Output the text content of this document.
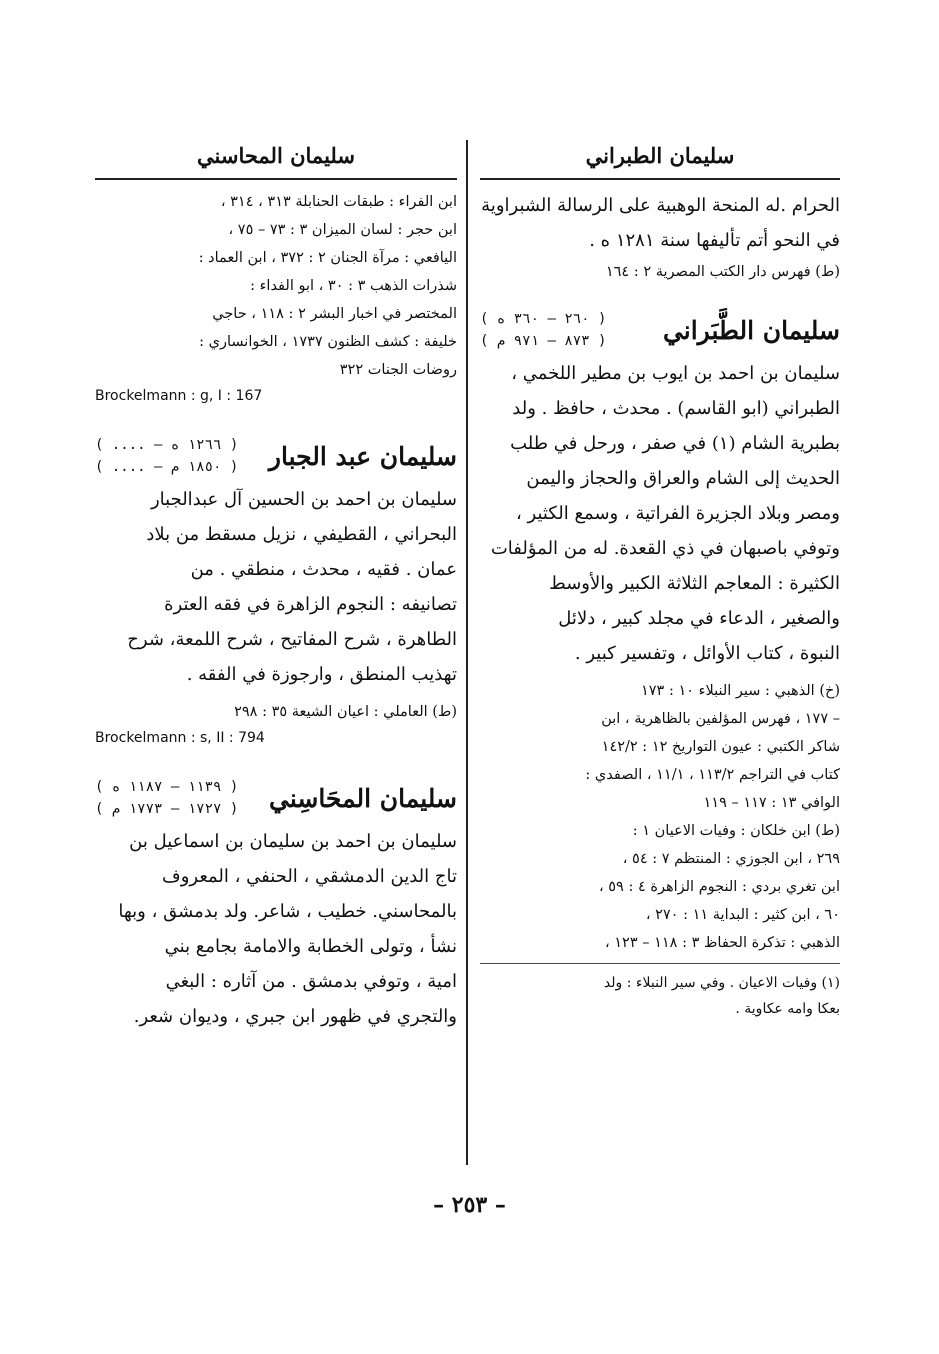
سليمان الطبراني

الحرام .له المنحة الوهبية على الرسالة الشبراوية

في النحو أتم تأليفها سنة ١٢٨١ ه .

(ط) فهرس دار الكتب المصرية ٢ : ١٦٤

سليمان الطَّبَراني
( ٢٦٠ – ٣٦٠ ه )
( ٨٧٣ – ٩٧١ م )

سليمان بن احمد بن ايوب بن مطير اللخمي ،

الطبراني (ابو القاسم) . محدث ، حافظ . ولد

بطبرية الشام (١) في صفر ، ورحل في طلب

الحديث إلى الشام والعراق والحجاز واليمن

ومصر وبلاد الجزيرة الفراتية ، وسمع الكثير ،

وتوفي باصبهان في ذي القعدة. له من المؤلفات

الكثيرة : المعاجم الثلاثة الكبير والأوسط

والصغير ، الدعاء في مجلد كبير ، دلائل

النبوة ، كتاب الأوائل ، وتفسير كبير .

(خ) الذهبي : سير النبلاء ١٠ : ١٧٣

– ١٧٧ ، فهرس المؤلفين بالظاهرية ، ابن

شاكر الكتبي : عيون التواريخ ١٢ : ١٤٢/٢

كتاب في التراجم ١١٣/٢ ، ١١/١ ، الصفدي :

الوافي ١٣ : ١١٧ – ١١٩

(ط) ابن خلكان : وفيات الاعيان ١ :

٢٦٩ ، ابن الجوزي : المنتظم ٧ : ٥٤ ،

ابن تغري بردي : النجوم الزاهرة ٤ : ٥٩ ،

٦٠ ، ابن كثير : البداية ١١ : ٢٧٠ ،

الذهبي : تذكرة الحفاظ ٣ : ١١٨ – ١٢٣ ،

(١) وفيات الاعيان . وفي سير النبلاء : ولد

بعكا وامه عكاوية .

سليمان المحاسني

ابن الفراء : طبقات الحنابلة ٣١٣ ، ٣١٤ ،

ابن حجر : لسان الميزان ٣ : ٧٣ – ٧٥ ،

اليافعي : مرآة الجنان ٢ : ٣٧٢ ، ابن العماد :

شذرات الذهب ٣ : ٣٠ ، ابو الفداء :

المختصر في اخبار البشر ٢ : ١١٨ ، حاجي

خليفة : كشف الظنون ١٧٣٧ ، الخوانساري :

روضات الجنات ٣٢٢

Brockelmann : g, I : 167

سليمان عبد الجبار
( .... – ١٢٦٦ ه )
( .... – ١٨٥٠ م )

سليمان بن احمد بن الحسين آل عبدالجبار

البحراني ، القطيفي ، نزيل مسقط من بلاد

عمان . فقيه ، محدث ، منطقي . من

تصانيفه : النجوم الزاهرة في فقه العترة

الطاهرة ، شرح المفاتيح ، شرح اللمعة، شرح

تهذيب المنطق ، وارجوزة في الفقه .

(ط) العاملي : اعيان الشيعة ٣٥ : ٢٩٨

Brockelmann : s, II : 794

سليمان المحَاسِني
( ١١٣٩ – ١١٨٧ ه )
( ١٧٢٧ – ١٧٧٣ م )

سليمان بن احمد بن سليمان بن اسماعيل بن

تاج الدين الدمشقي ، الحنفي ، المعروف

بالمحاسني. خطيب ، شاعر. ولد بدمشق ، وبها

نشأ ، وتولى الخطابة والامامة بجامع بني

امية ، وتوفي بدمشق . من آثاره : البغي

والتجري في ظهور ابن جبري ، وديوان شعر.

– ٢٥٣ –
